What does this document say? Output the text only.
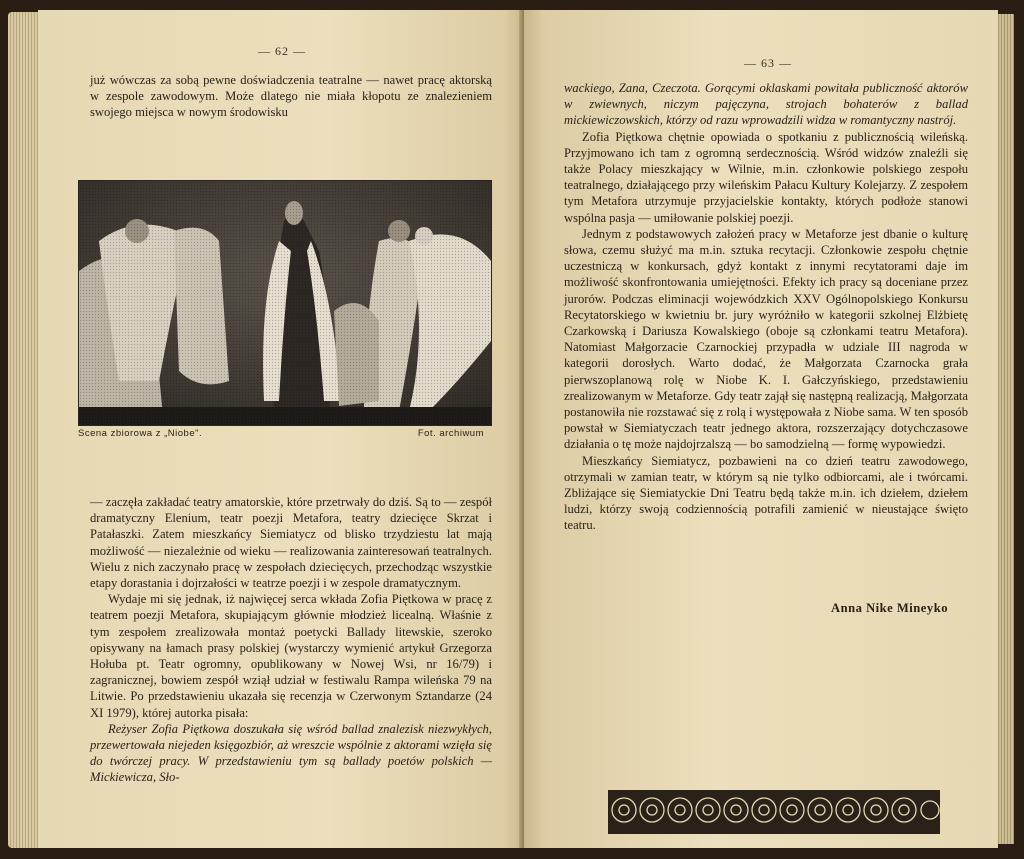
— 62 —

już wówczas za sobą pewne doświadczenia teatralne — nawet pracę aktorską w zespole zawodowym. Może dlatego nie miała kłopotu ze znalezieniem swojego miejsca w nowym środowisku

Scena zbiorowa z „Niobe".	Fot. archiwum

— zaczęła zakładać teatry amatorskie, które przetrwały do dziś. Są to — zespół dramatyczny Elenium, teatr poezji Metafora, teatry dziecięce Skrzat i Patałaszki. Zatem mieszkańcy Siemiatycz od blisko trzydziestu lat mają możliwość — niezależnie od wieku — realizowania zainteresowań teatralnych. Wielu z nich zaczynało pracę w zespołach dziecięcych, przechodząc wszystkie etapy dorastania i dojrzałości w teatrze poezji i w zespole dramatycznym.

Wydaje mi się jednak, iż najwięcej serca wkłada Zofia Piętkowa w pracę z teatrem poezji Metafora, skupiającym głównie młodzież licealną. Właśnie z tym zespołem zrealizowała montaż poetycki Ballady litewskie, szeroko opisywany na łamach prasy polskiej (wystarczy wymienić artykuł Grzegorza Hołuba pt. Teatr ogromny, opublikowany w Nowej Wsi, nr 16/79) i zagranicznej, bowiem zespół wziął udział w festiwalu Rampa wileńska 79 na Litwie. Po przedstawieniu ukazała się recenzja w Czerwonym Sztandarze (24 XI 1979), której autorka pisała:

Reżyser Zofia Piętkowa doszukała się wśród ballad znalezisk niezwykłych, przewertowała niejeden księgozbiór, aż wreszcie wspólnie z aktorami wzięła się do twórczej pracy. W przedstawieniu tym są ballady poetów polskich — Mickiewicza, Sło-

— 63 —

wackiego, Zana, Czeczota. Gorącymi oklaskami powitała publiczność aktorów w zwiewnych, niczym pajęczyna, strojach bohaterów z ballad mickiewiczowskich, którzy od razu wprowadzili widza w romantyczny nastrój.

Zofia Piętkowa chętnie opowiada o spotkaniu z publicznością wileńską. Przyjmowano ich tam z ogromną serdecznością. Wśród widzów znaleźli się także Polacy mieszkający w Wilnie, m.in. członkowie polskiego zespołu teatralnego, działającego przy wileńskim Pałacu Kultury Kolejarzy. Z zespołem tym Metafora utrzymuje przyjacielskie kontakty, których podłoże stanowi wspólna pasja — umiłowanie polskiej poezji.

Jednym z podstawowych założeń pracy w Metaforze jest dbanie o kulturę słowa, czemu służyć ma m.in. sztuka recytacji. Członkowie zespołu chętnie uczestniczą w konkursach, gdyż kontakt z innymi recytatorami daje im możliwość skonfrontowania umiejętności. Efekty ich pracy są doceniane przez jurorów. Podczas eliminacji wojewódzkich XXV Ogólnopolskiego Konkursu Recytatorskiego w kwietniu br. jury wyróżniło w kategorii szkolnej Elżbietę Czarkowską i Dariusza Kowalskiego (oboje są członkami teatru Metafora). Natomiast Małgorzacie Czarnockiej przypadła w udziale III nagroda w kategorii dorosłych. Warto dodać, że Małgorzata Czarnocka grała pierwszoplanową rolę w Niobe K. I. Gałczyńskiego, przedstawieniu zrealizowanym w Metaforze. Gdy teatr zajął się następną realizacją, Małgorzata postanowiła nie rozstawać się z rolą i występowała z Niobe sama. W ten sposób powstał w Siemiatyczach teatr jednego aktora, rozszerzający dotychczasowe działania o tę może najdojrzalszą — bo samodzielną — formę wypowiedzi.

Mieszkańcy Siemiatycz, pozbawieni na co dzień teatru zawodowego, otrzymali w zamian teatr, w którym są nie tylko odbiorcami, ale i twórcami. Zbliżające się Siemiatyckie Dni Teatru będą także m.in. ich dziełem, dziełem ludzi, którzy swoją codziennością potrafili zamienić w nieustające święto teatru.

Anna Nike Mineyko
